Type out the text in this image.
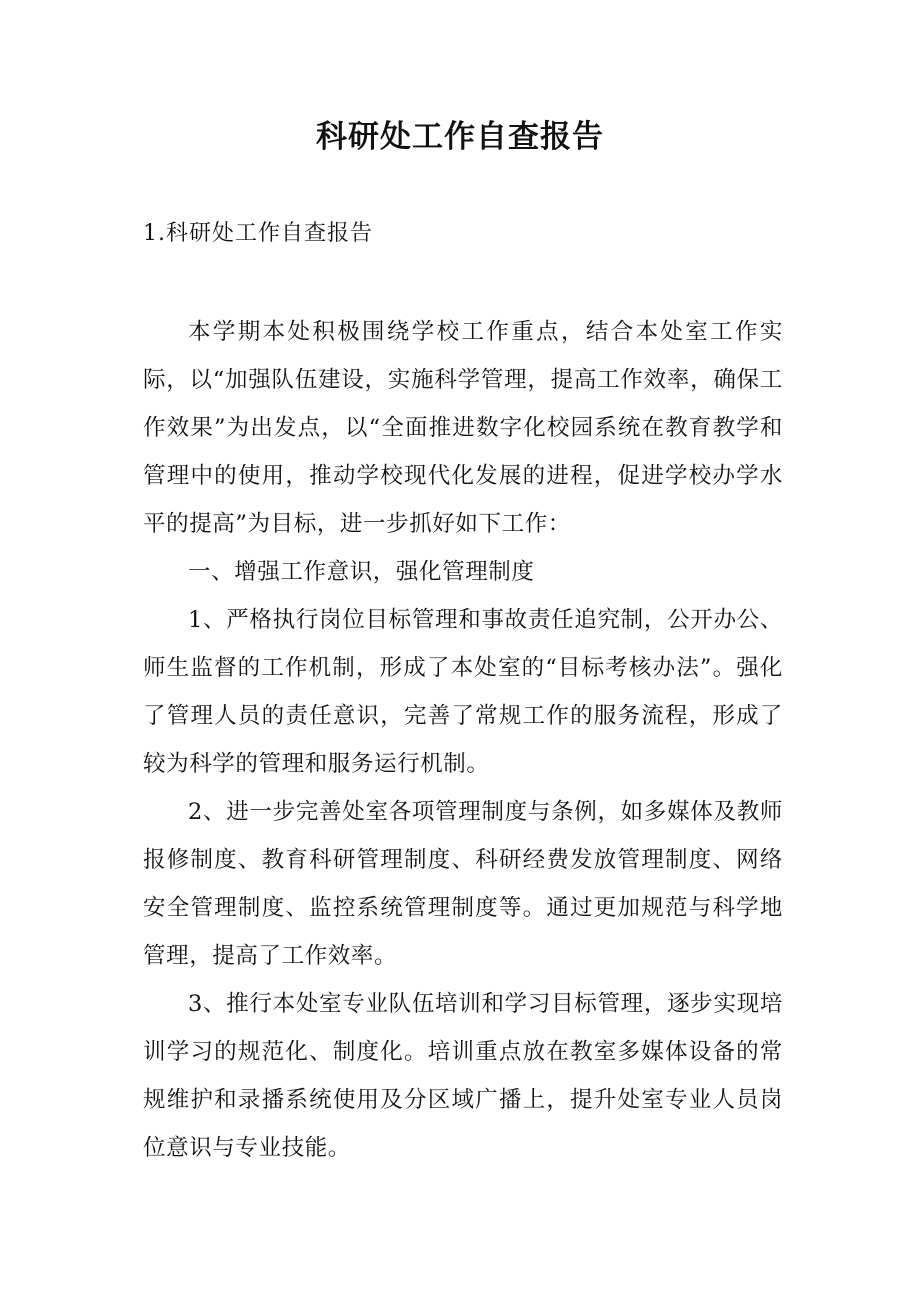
科研处工作自查报告
1.科研处工作自查报告

本学期本处积极围绕学校工作重点，结合本处室工作实际，以“加强队伍建设，实施科学管理，提高工作效率，确保工作效果”为出发点，以“全面推进数字化校园系统在教育教学和管理中的使用，推动学校现代化发展的进程，促进学校办学水平的提高”为目标，进一步抓好如下工作：

一、增强工作意识，强化管理制度

1、严格执行岗位目标管理和事故责任追究制，公开办公、师生监督的工作机制，形成了本处室的“目标考核办法”。强化了管理人员的责任意识，完善了常规工作的服务流程，形成了较为科学的管理和服务运行机制。

2、进一步完善处室各项管理制度与条例，如多媒体及教师报修制度、教育科研管理制度、科研经费发放管理制度、网络安全管理制度、监控系统管理制度等。通过更加规范与科学地管理，提高了工作效率。

3、推行本处室专业队伍培训和学习目标管理，逐步实现培训学习的规范化、制度化。培训重点放在教室多媒体设备的常规维护和录播系统使用及分区域广播上，提升处室专业人员岗位意识与专业技能。
